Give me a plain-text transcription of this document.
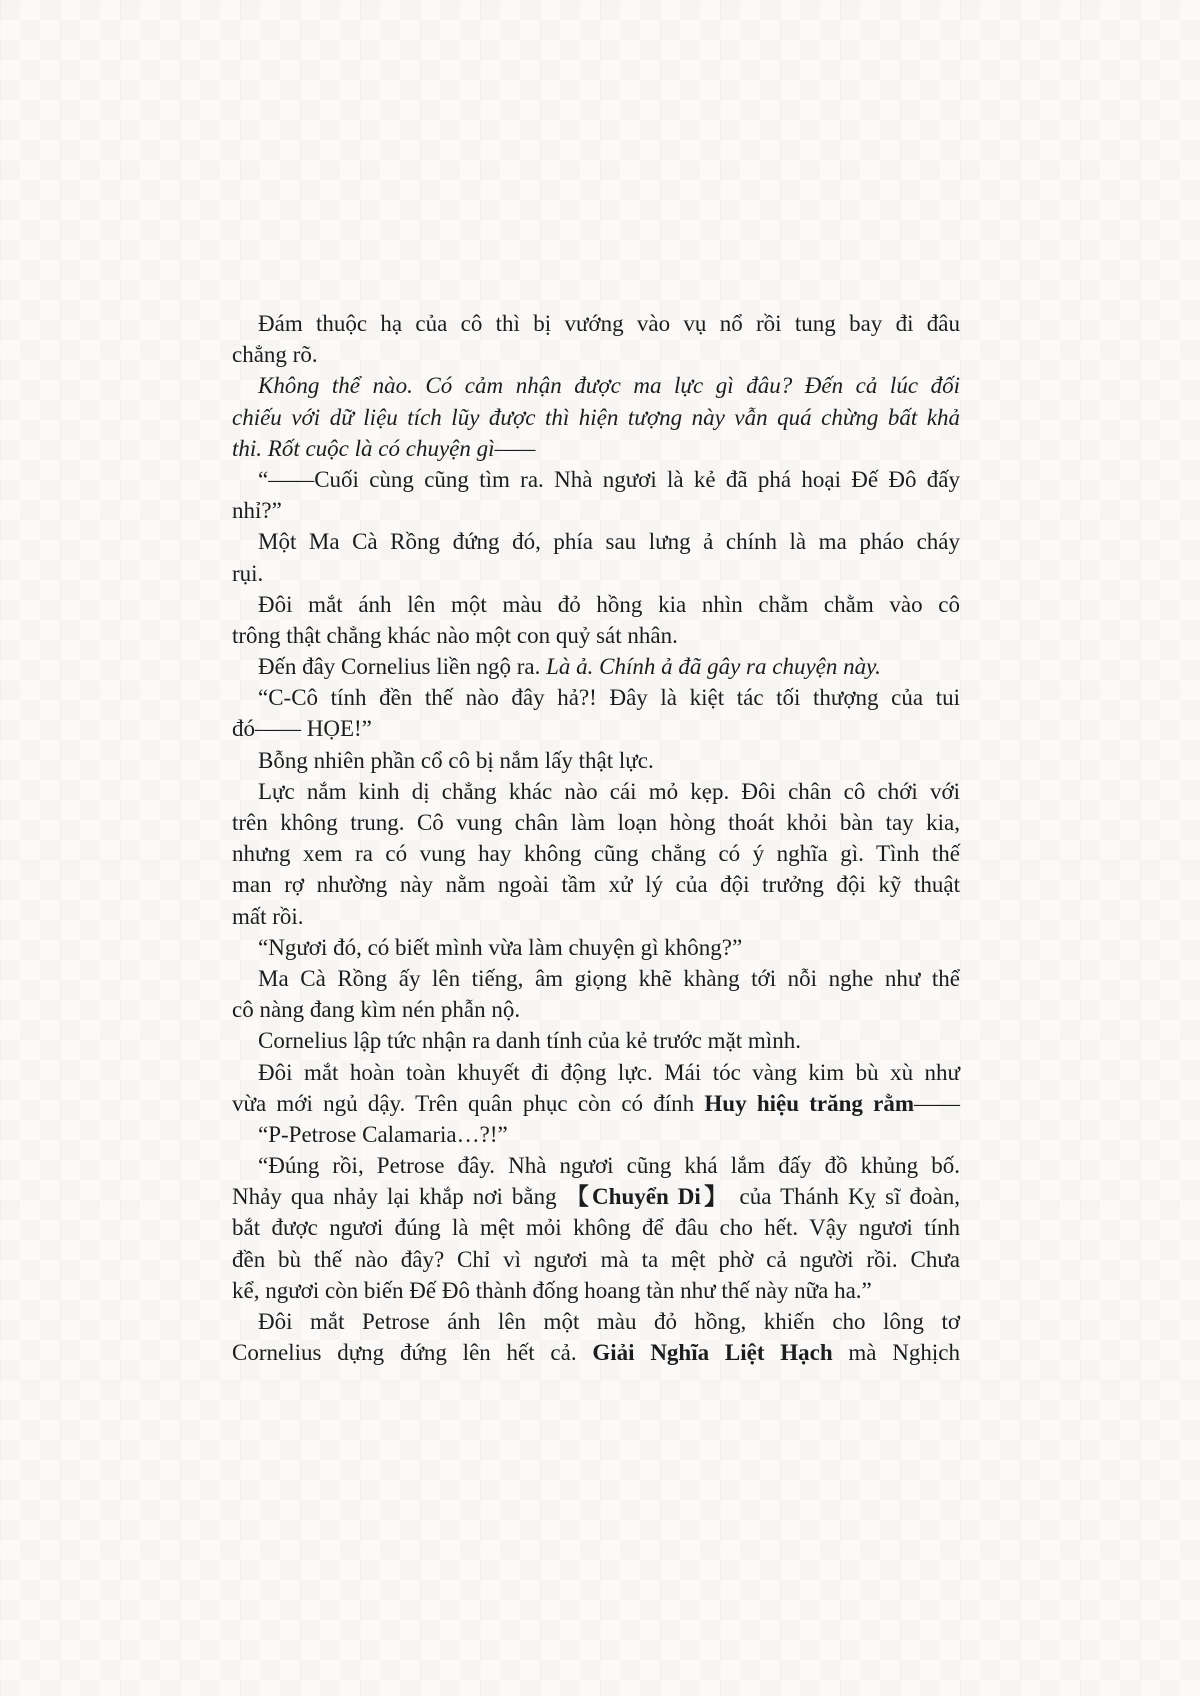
Đám thuộc hạ của cô thì bị vướng vào vụ nổ rồi tung bay đi đâu
chẳng rõ.
Không thể nào. Có cảm nhận được ma lực gì đâu? Đến cả lúc đối
chiếu với dữ liệu tích lũy được thì hiện tượng này vẫn quá chừng bất khả
thi. Rốt cuộc là có chuyện gì——
“——Cuối cùng cũng tìm ra. Nhà ngươi là kẻ đã phá hoại Đế Đô đấy
nhỉ?”
Một Ma Cà Rồng đứng đó, phía sau lưng ả chính là ma pháo cháy
rụi.
Đôi mắt ánh lên một màu đỏ hồng kia nhìn chằm chằm vào cô
trông thật chẳng khác nào một con quỷ sát nhân.
Đến đây Cornelius liền ngộ ra. Là ả. Chính ả đã gây ra chuyện này.
“C-Cô tính đền thế nào đây hả?! Đây là kiệt tác tối thượng của tui
đó—— HỌE!”
Bỗng nhiên phần cổ cô bị nắm lấy thật lực.
Lực nắm kinh dị chẳng khác nào cái mỏ kẹp. Đôi chân cô chới với
trên không trung. Cô vung chân làm loạn hòng thoát khỏi bàn tay kia,
nhưng xem ra có vung hay không cũng chẳng có ý nghĩa gì. Tình thế
man rợ nhường này nằm ngoài tầm xử lý của đội trưởng đội kỹ thuật
mất rồi.
“Ngươi đó, có biết mình vừa làm chuyện gì không?”
Ma Cà Rồng ấy lên tiếng, âm giọng khẽ khàng tới nỗi nghe như thể
cô nàng đang kìm nén phẫn nộ.
Cornelius lập tức nhận ra danh tính của kẻ trước mặt mình.
Đôi mắt hoàn toàn khuyết đi động lực. Mái tóc vàng kim bù xù như
vừa mới ngủ dậy. Trên quân phục còn có đính Huy hiệu trăng rằm——
“P-Petrose Calamaria…?!”
“Đúng rồi, Petrose đây. Nhà ngươi cũng khá lắm đấy đồ khủng bố.
Nhảy qua nhảy lại khắp nơi bằng 【Chuyển Di】 của Thánh Kỵ sĩ đoàn,
bắt được ngươi đúng là mệt mỏi không để đâu cho hết. Vậy ngươi tính
đền bù thế nào đây? Chỉ vì ngươi mà ta mệt phờ cả người rồi. Chưa
kể, ngươi còn biến Đế Đô thành đống hoang tàn như thế này nữa ha.”
Đôi mắt Petrose ánh lên một màu đỏ hồng, khiến cho lông tơ
Cornelius dựng đứng lên hết cả. Giải Nghĩa Liệt Hạch mà Nghịch
